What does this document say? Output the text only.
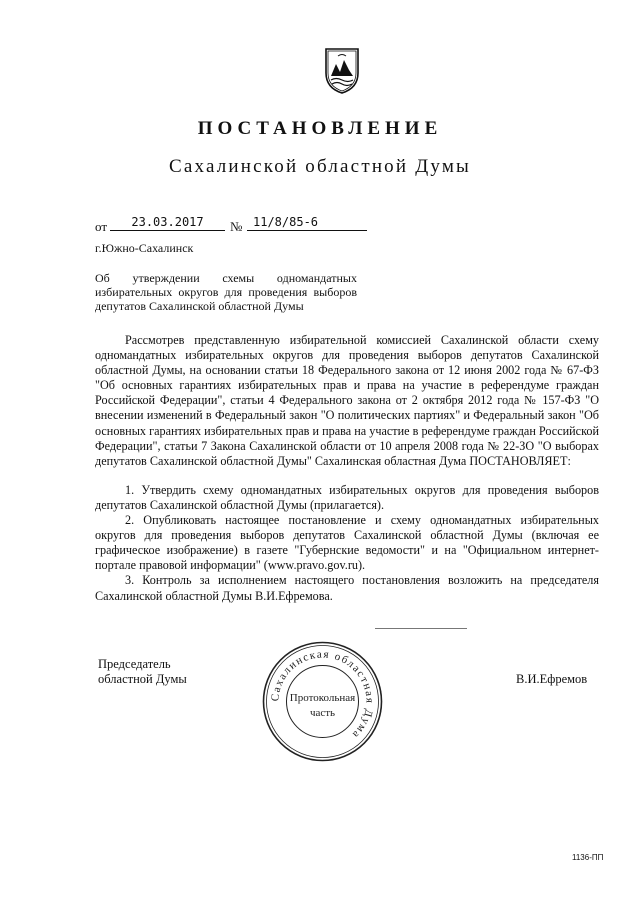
ПОСТАНОВЛЕНИЕ
Сахалинской областной Думы
от	23.03.2017	№ 11/8/85-6
г.Южно-Сахалинск
Об утверждении схемы одномандатных избирательных округов для проведения выборов депутатов Сахалинской областной Думы

Рассмотрев представленную избирательной комиссией Сахалинской области схему одномандатных избирательных округов для проведения выборов депутатов Сахалинской областной Думы, на основании статьи 18 Федерального закона от 12 июня 2002 года № 67-ФЗ "Об основных гарантиях избирательных прав и права на участие в референдуме граждан Российской Федерации", статьи 4 Федерального закона от 2 октября 2012 года № 157-ФЗ "О внесении изменений в Федеральный закон "О политических партиях" и Федеральный закон "Об основных гарантиях избирательных прав и права на участие в референдуме граждан Российской Федерации", статьи 7 Закона Сахалинской области от 10 апреля 2008 года № 22-ЗО "О выборах депутатов Сахалинской областной Думы" Сахалинская областная Дума ПОСТАНОВЛЯЕТ:

1. Утвердить схему одномандатных избирательных округов для проведения выборов депутатов Сахалинской областной Думы (прилагается).

2. Опубликовать настоящее постановление и схему одномандатных избирательных округов для проведения выборов депутатов Сахалинской областной Думы (включая ее графическое изображение) в газете "Губернские ведомости" и на "Официальном интернет-портале правовой информации" (www.pravo.gov.ru).

3. Контроль за исполнением настоящего постановления возложить на председателя Сахалинской областной Думы В.И.Ефремова.

Председатель
областной Думы
Сахалинская областная Дума
Протокольная
часть
В.И.Ефремов
1136-ПП
